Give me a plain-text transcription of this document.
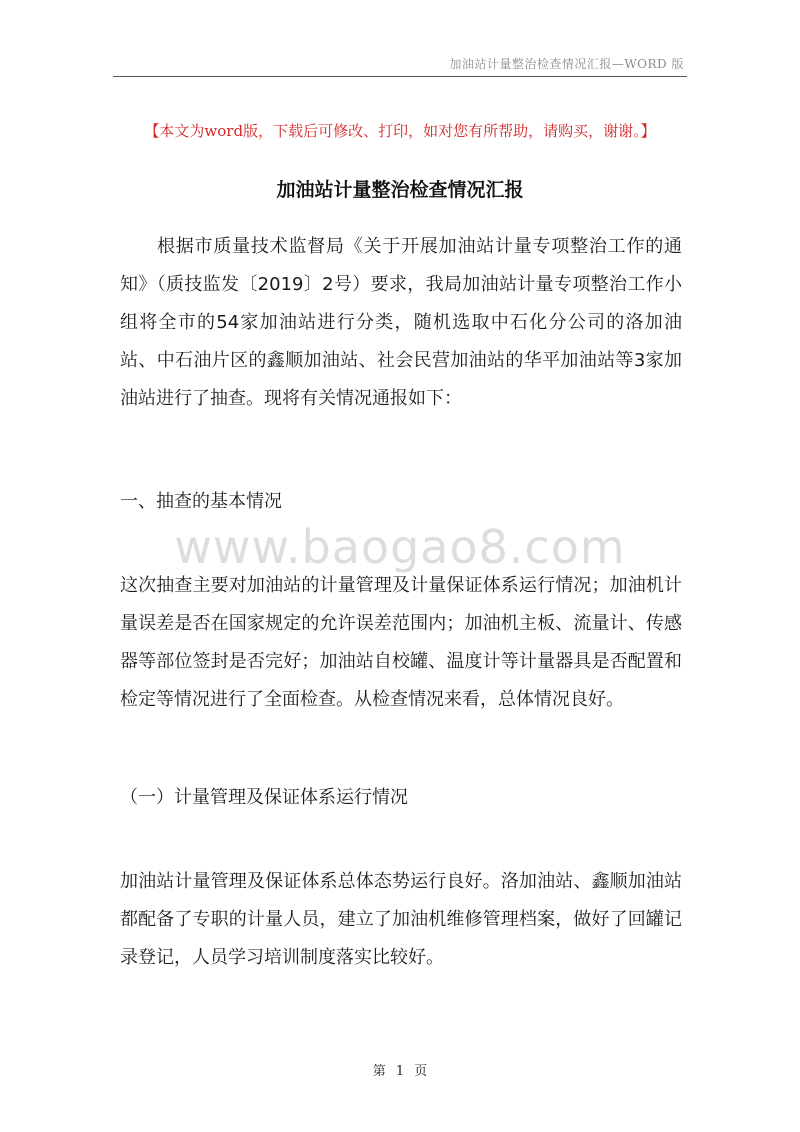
加油站计量整治检查情况汇报—WORD 版
【本文为word版，下载后可修改、打印，如对您有所帮助，请购买，谢谢。】
加油站计量整治检查情况汇报

根据市质量技术监督局《关于开展加油站计量专项整治工作的通知》（质技监发〔2019〕2号）要求，我局加油站计量专项整治工作小组将全市的54家加油站进行分类，随机选取中石化分公司的洛加油站、中石油片区的鑫顺加油站、社会民营加油站的华平加油站等3家加油站进行了抽查。现将有关情况通报如下：

一、抽查的基本情况

www.baogao8.com

这次抽查主要对加油站的计量管理及计量保证体系运行情况；加油机计量误差是否在国家规定的允许误差范围内；加油机主板、流量计、传感器等部位签封是否完好；加油站自校罐、温度计等计量器具是否配置和检定等情况进行了全面检查。从检查情况来看，总体情况良好。

（一）计量管理及保证体系运行情况

加油站计量管理及保证体系总体态势运行良好。洛加油站、鑫顺加油站都配备了专职的计量人员，建立了加油机维修管理档案，做好了回罐记录登记，人员学习培训制度落实比较好。

第 1 页
